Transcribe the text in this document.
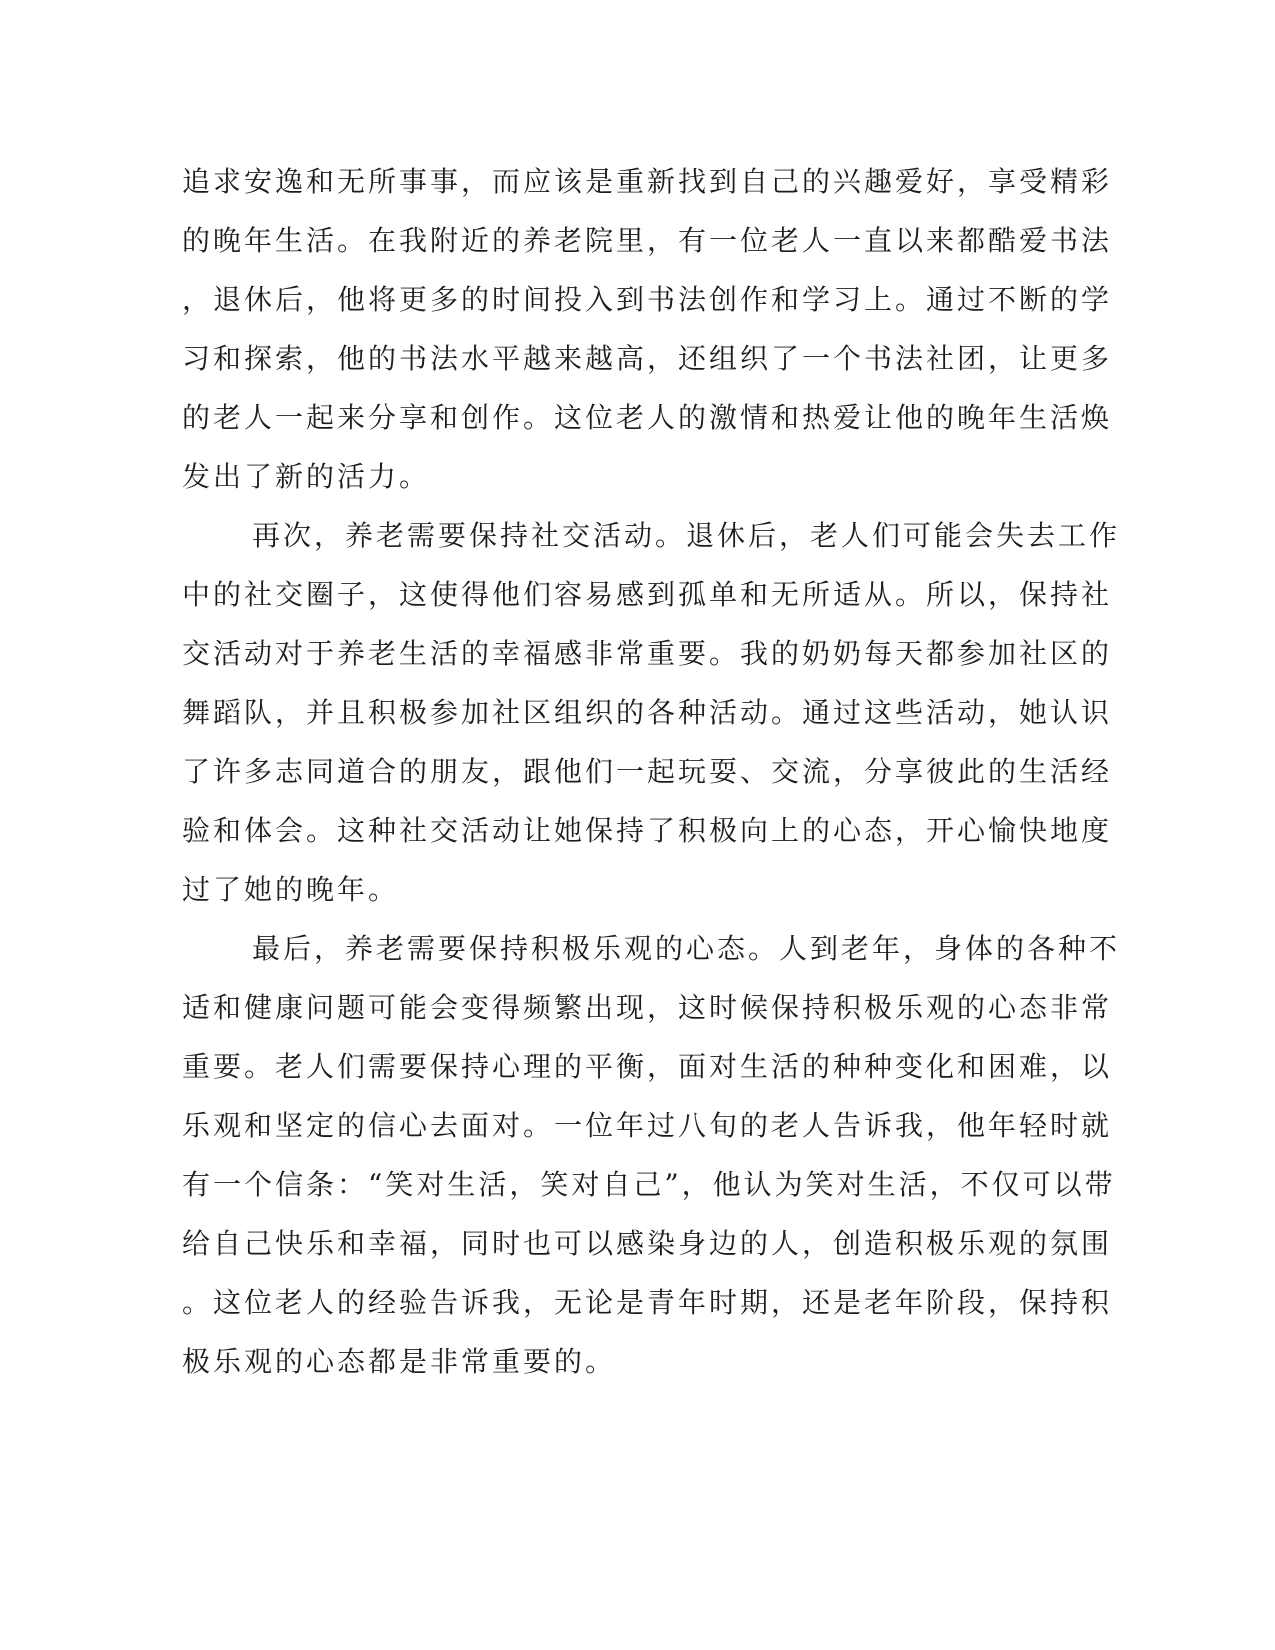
追求安逸和无所事事，而应该是重新找到自己的兴趣爱好，享受精彩
的晚年生活。在我附近的养老院里，有一位老人一直以来都酷爱书法
，退休后，他将更多的时间投入到书法创作和学习上。通过不断的学
习和探索，他的书法水平越来越高，还组织了一个书法社团，让更多
的老人一起来分享和创作。这位老人的激情和热爱让他的晚年生活焕
发出了新的活力。
再次，养老需要保持社交活动。退休后，老人们可能会失去工作
中的社交圈子，这使得他们容易感到孤单和无所适从。所以，保持社
交活动对于养老生活的幸福感非常重要。我的奶奶每天都参加社区的
舞蹈队，并且积极参加社区组织的各种活动。通过这些活动，她认识
了许多志同道合的朋友，跟他们一起玩耍、交流，分享彼此的生活经
验和体会。这种社交活动让她保持了积极向上的心态，开心愉快地度
过了她的晚年。
最后，养老需要保持积极乐观的心态。人到老年，身体的各种不
适和健康问题可能会变得频繁出现，这时候保持积极乐观的心态非常
重要。老人们需要保持心理的平衡，面对生活的种种变化和困难，以
乐观和坚定的信心去面对。一位年过八旬的老人告诉我，他年轻时就
有一个信条：“笑对生活，笑对自己”，他认为笑对生活，不仅可以带
给自己快乐和幸福，同时也可以感染身边的人，创造积极乐观的氛围
。这位老人的经验告诉我，无论是青年时期，还是老年阶段，保持积
极乐观的心态都是非常重要的。
